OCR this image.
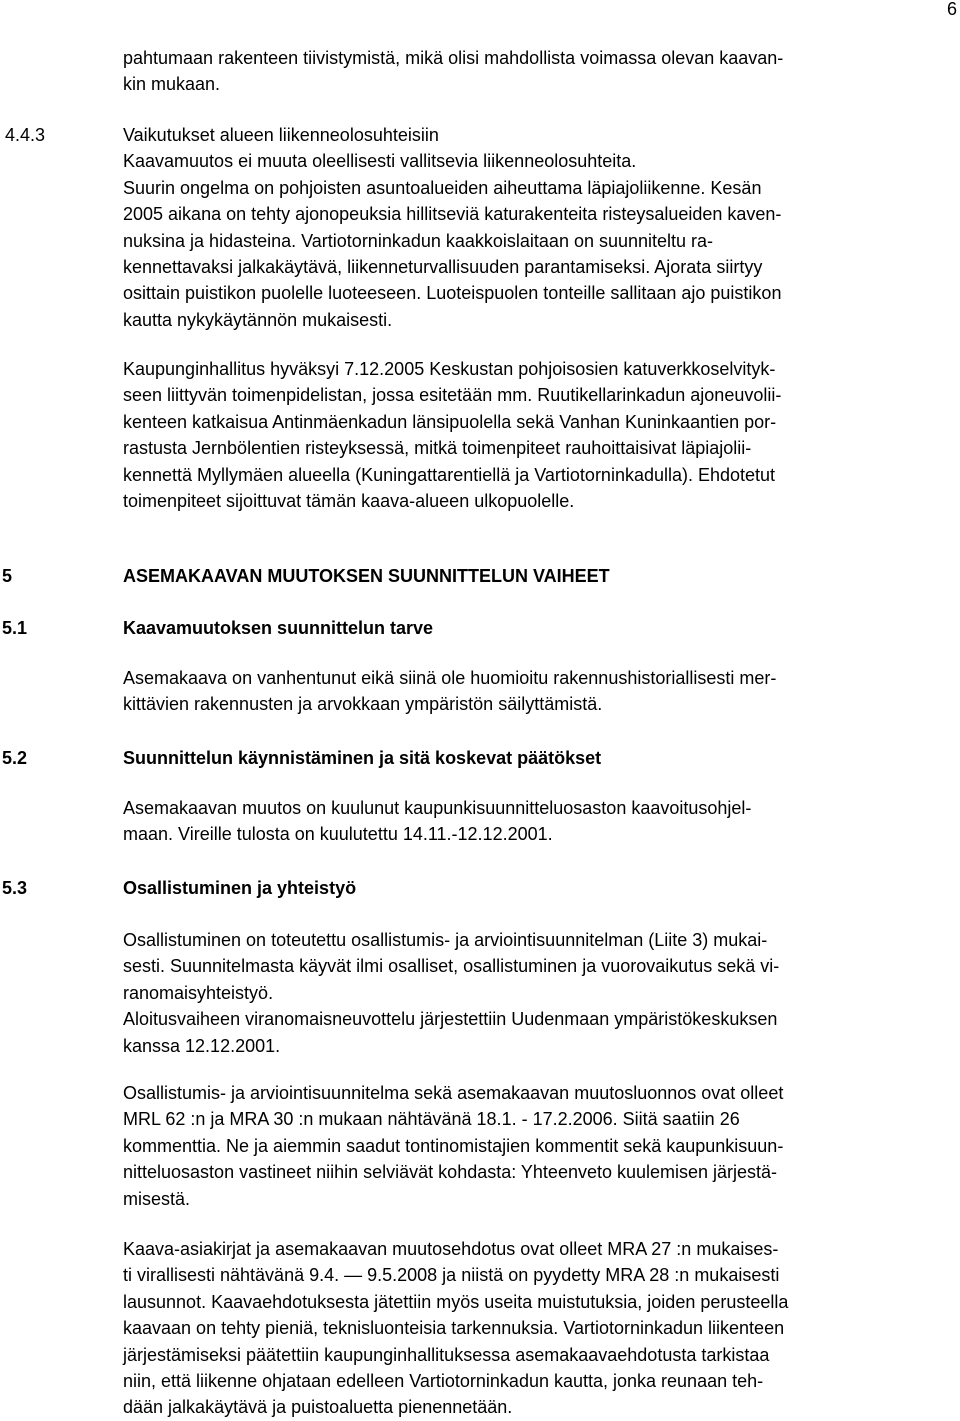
6
pahtumaan rakenteen tiivistymistä, mikä olisi mahdollista voimassa olevan kaavan-
kin mukaan.
4.4.3	Vaikutukset alueen liikenneolosuhteisiin
Kaavamuutos ei muuta oleellisesti vallitsevia liikenneolosuhteita.
Suurin ongelma on pohjoisten asuntoalueiden aiheuttama läpiajoliikenne. Kesän
2005 aikana on tehty ajonopeuksia hillitseviä katurakenteita risteysalueiden kaven-
nuksina ja hidasteina. Vartiotorninkadun kaakkoislaitaan on suunniteltu ra-
kennettavaksi jalkakäytävä, liikenneturvallisuuden parantamiseksi. Ajorata siirtyy
osittain puistikon puolelle luoteeseen. Luoteispuolen tonteille sallitaan ajo puistikon
kautta nykykäytännön mukaisesti.
Kaupunginhallitus hyväksyi 7.12.2005 Keskustan pohjoisosien katuverkkoselvityk-
seen liittyvän toimenpidelistan, jossa esitetään mm. Ruutikellarinkadun ajoneuvolii-
kenteen katkaisua Antinmäenkadun länsipuolella sekä Vanhan Kuninkaantien por-
rastusta Jernbölentien risteyksessä, mitkä toimenpiteet rauhoittaisivat läpiajolii-
kennettä Myllymäen alueella (Kuningattarentiellä ja Vartiotorninkadulla). Ehdotetut
toimenpiteet sijoittuvat tämän kaava-alueen ulkopuolelle.
5	ASEMAKAAVAN MUUTOKSEN SUUNNITTELUN VAIHEET
5.1	Kaavamuutoksen suunnittelun tarve
Asemakaava on vanhentunut eikä siinä ole huomioitu rakennushistoriallisesti mer-
kittävien rakennusten ja arvokkaan ympäristön säilyttämistä.
5.2	Suunnittelun käynnistäminen ja sitä koskevat päätökset
Asemakaavan muutos on kuulunut kaupunkisuunnitteluosaston kaavoitusohjel-
maan. Vireille tulosta on kuulutettu 14.11.-12.12.2001.
5.3	Osallistuminen ja yhteistyö
Osallistuminen on toteutettu osallistumis- ja arviointisuunnitelman (Liite 3) mukai-
sesti. Suunnitelmasta käyvät ilmi osalliset, osallistuminen ja vuorovaikutus sekä vi-
ranomaisyhteistyö.
Aloitusvaiheen viranomaisneuvottelu järjestettiin Uudenmaan ympäristökeskuksen
kanssa 12.12.2001.
Osallistumis- ja arviointisuunnitelma sekä asemakaavan muutosluonnos ovat olleet
MRL 62 :n ja MRA 30 :n mukaan nähtävänä 18.1. - 17.2.2006. Siitä saatiin 26
kommenttia. Ne ja aiemmin saadut tontinomistajien kommentit sekä kaupunkisuun-
nitteluosaston vastineet niihin selviävät kohdasta: Yhteenveto kuulemisen järjestä-
misestä.
Kaava-asiakirjat ja asemakaavan muutosehdotus ovat olleet MRA 27 :n mukaises-
ti virallisesti nähtävänä 9.4. — 9.5.2008 ja niistä on pyydetty MRA 28 :n mukaisesti
lausunnot. Kaavaehdotuksesta jätettiin myös useita muistutuksia, joiden perusteella
kaavaan on tehty pieniä, teknisluonteisia tarkennuksia. Vartiotorninkadun liikenteen
järjestämiseksi päätettiin kaupunginhallituksessa asemakaavaehdotusta tarkistaa
niin, että liikenne ohjataan edelleen Vartiotorninkadun kautta, jonka reunaan teh-
dään jalkakäytävä ja puistoaluetta pienennetään.
